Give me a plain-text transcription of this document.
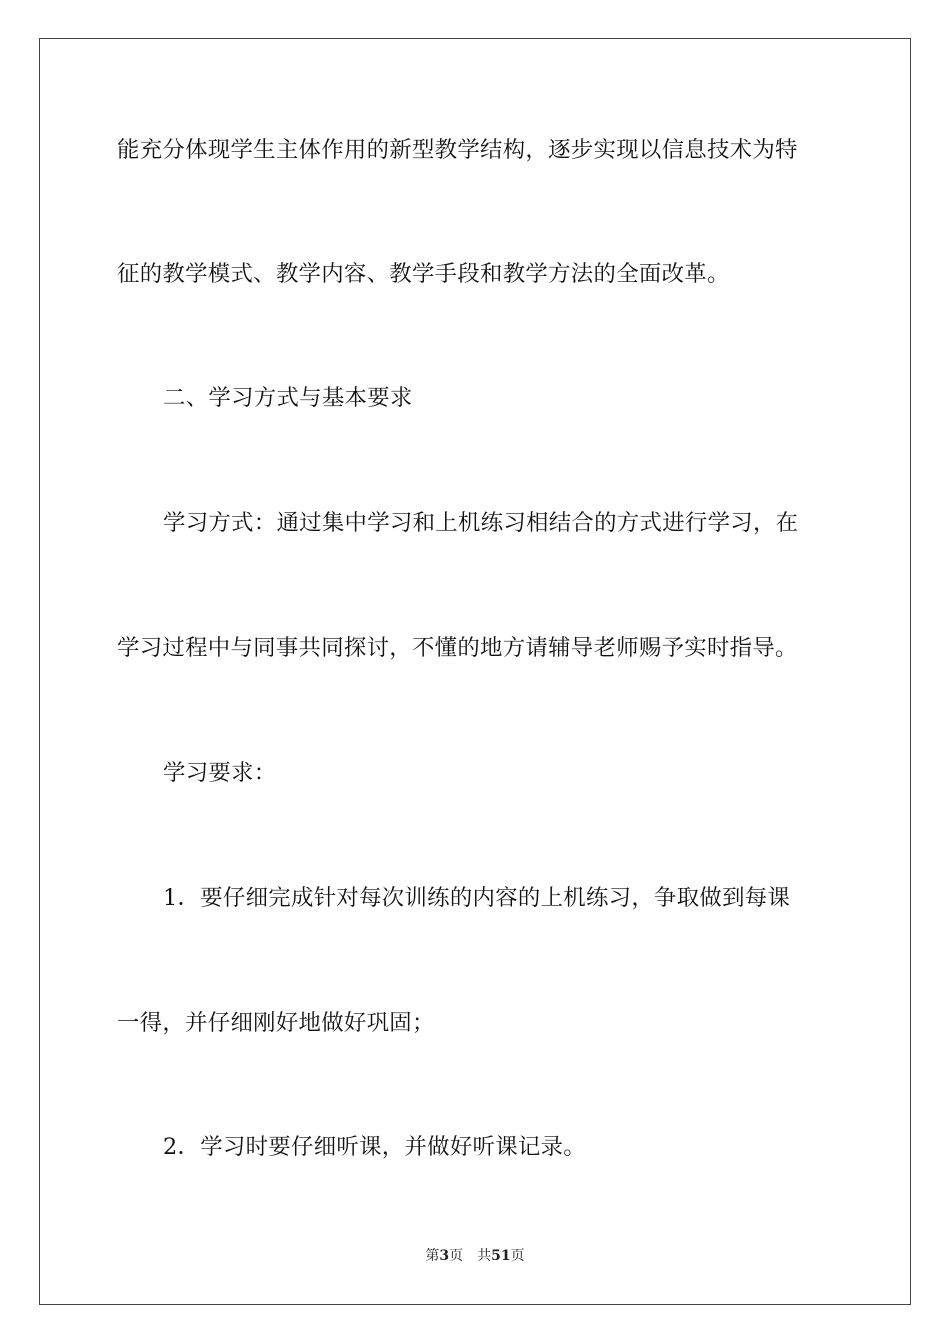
能充分体现学生主体作用的新型教学结构，逐步实现以信息技术为特
征的教学模式、教学内容、教学手段和教学方法的全面改革。
二、学习方式与基本要求
学习方式：通过集中学习和上机练习相结合的方式进行学习，在
学习过程中与同事共同探讨，不懂的地方请辅导老师赐予实时指导。
学习要求：
1．要仔细完成针对每次训练的内容的上机练习，争取做到每课
一得，并仔细刚好地做好巩固；
2．学习时要仔细听课，并做好听课记录。
第3页 共51页
